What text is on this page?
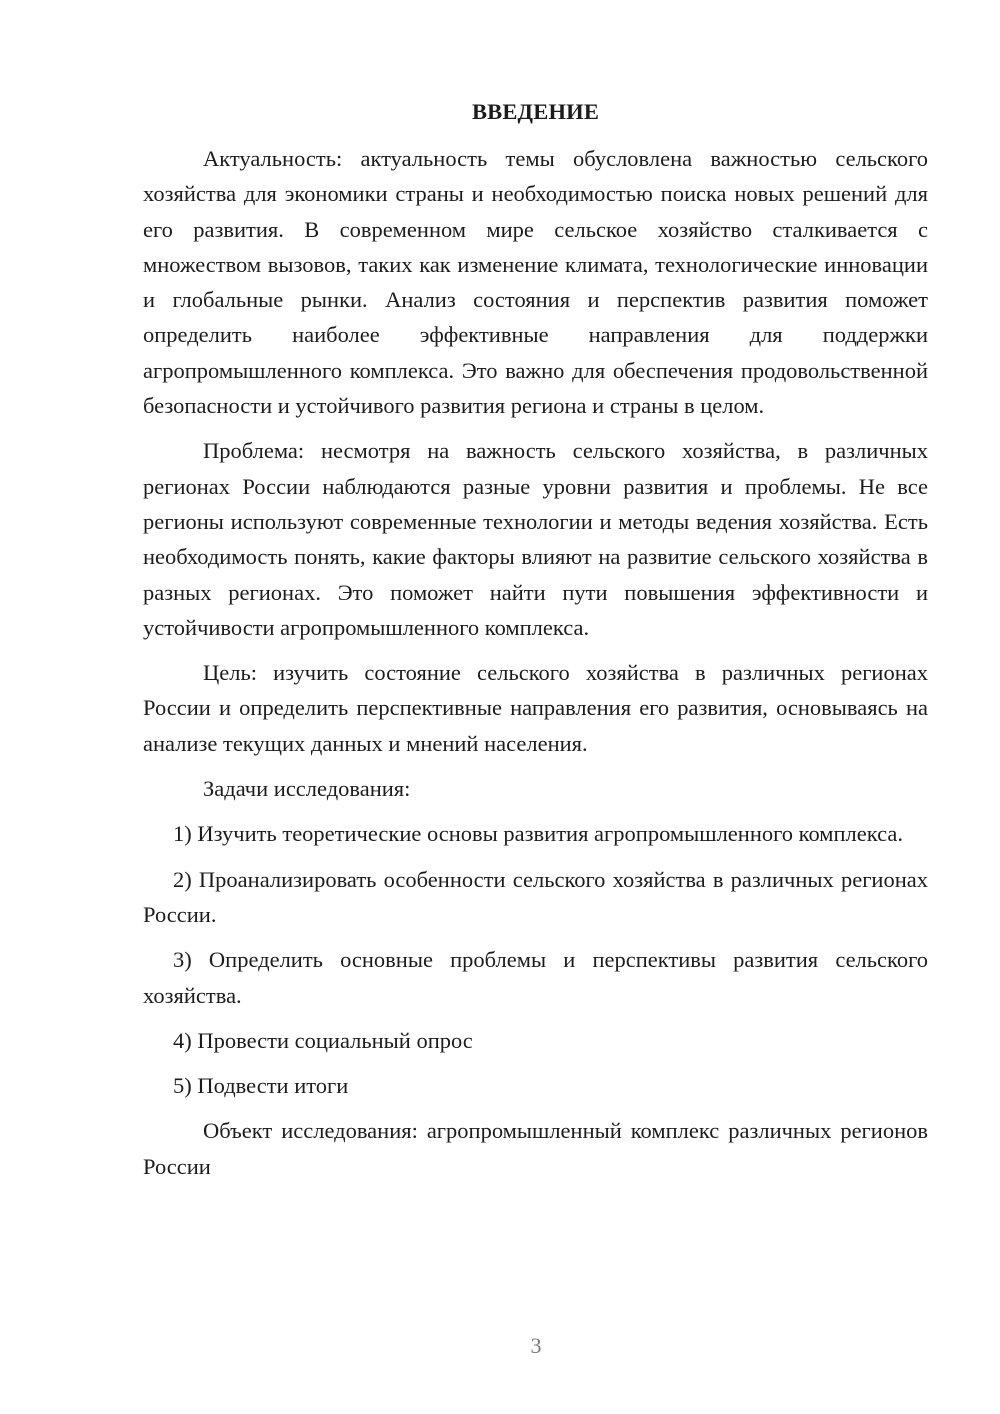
ВВЕДЕНИЕ

Актуальность: актуальность темы обусловлена важностью сельского хозяйства для экономики страны и необходимостью поиска новых решений для его развития. В современном мире сельское хозяйство сталкивается с множеством вызовов, таких как изменение климата, технологические инновации и глобальные рынки. Анализ состояния и перспектив развития поможет определить наиболее эффективные направления для поддержки агропромышленного комплекса. Это важно для обеспечения продовольственной безопасности и устойчивого развития региона и страны в целом.

Проблема: несмотря на важность сельского хозяйства, в различных регионах России наблюдаются разные уровни развития и проблемы. Не все регионы используют современные технологии и методы ведения хозяйства. Есть необходимость понять, какие факторы влияют на развитие сельского хозяйства в разных регионах. Это поможет найти пути повышения эффективности и устойчивости агропромышленного комплекса.

Цель: изучить состояние сельского хозяйства в различных регионах России и определить перспективные направления его развития, основываясь на анализе текущих данных и мнений населения.

Задачи исследования:

1) Изучить теоретические основы развития агропромышленного комплекса.

2) Проанализировать особенности сельского хозяйства в различных регионах России.

3) Определить основные проблемы и перспективы развития сельского хозяйства.

4) Провести социальный опрос

5) Подвести итоги

Объект исследования: агропромышленный комплекс различных регионов России

3
